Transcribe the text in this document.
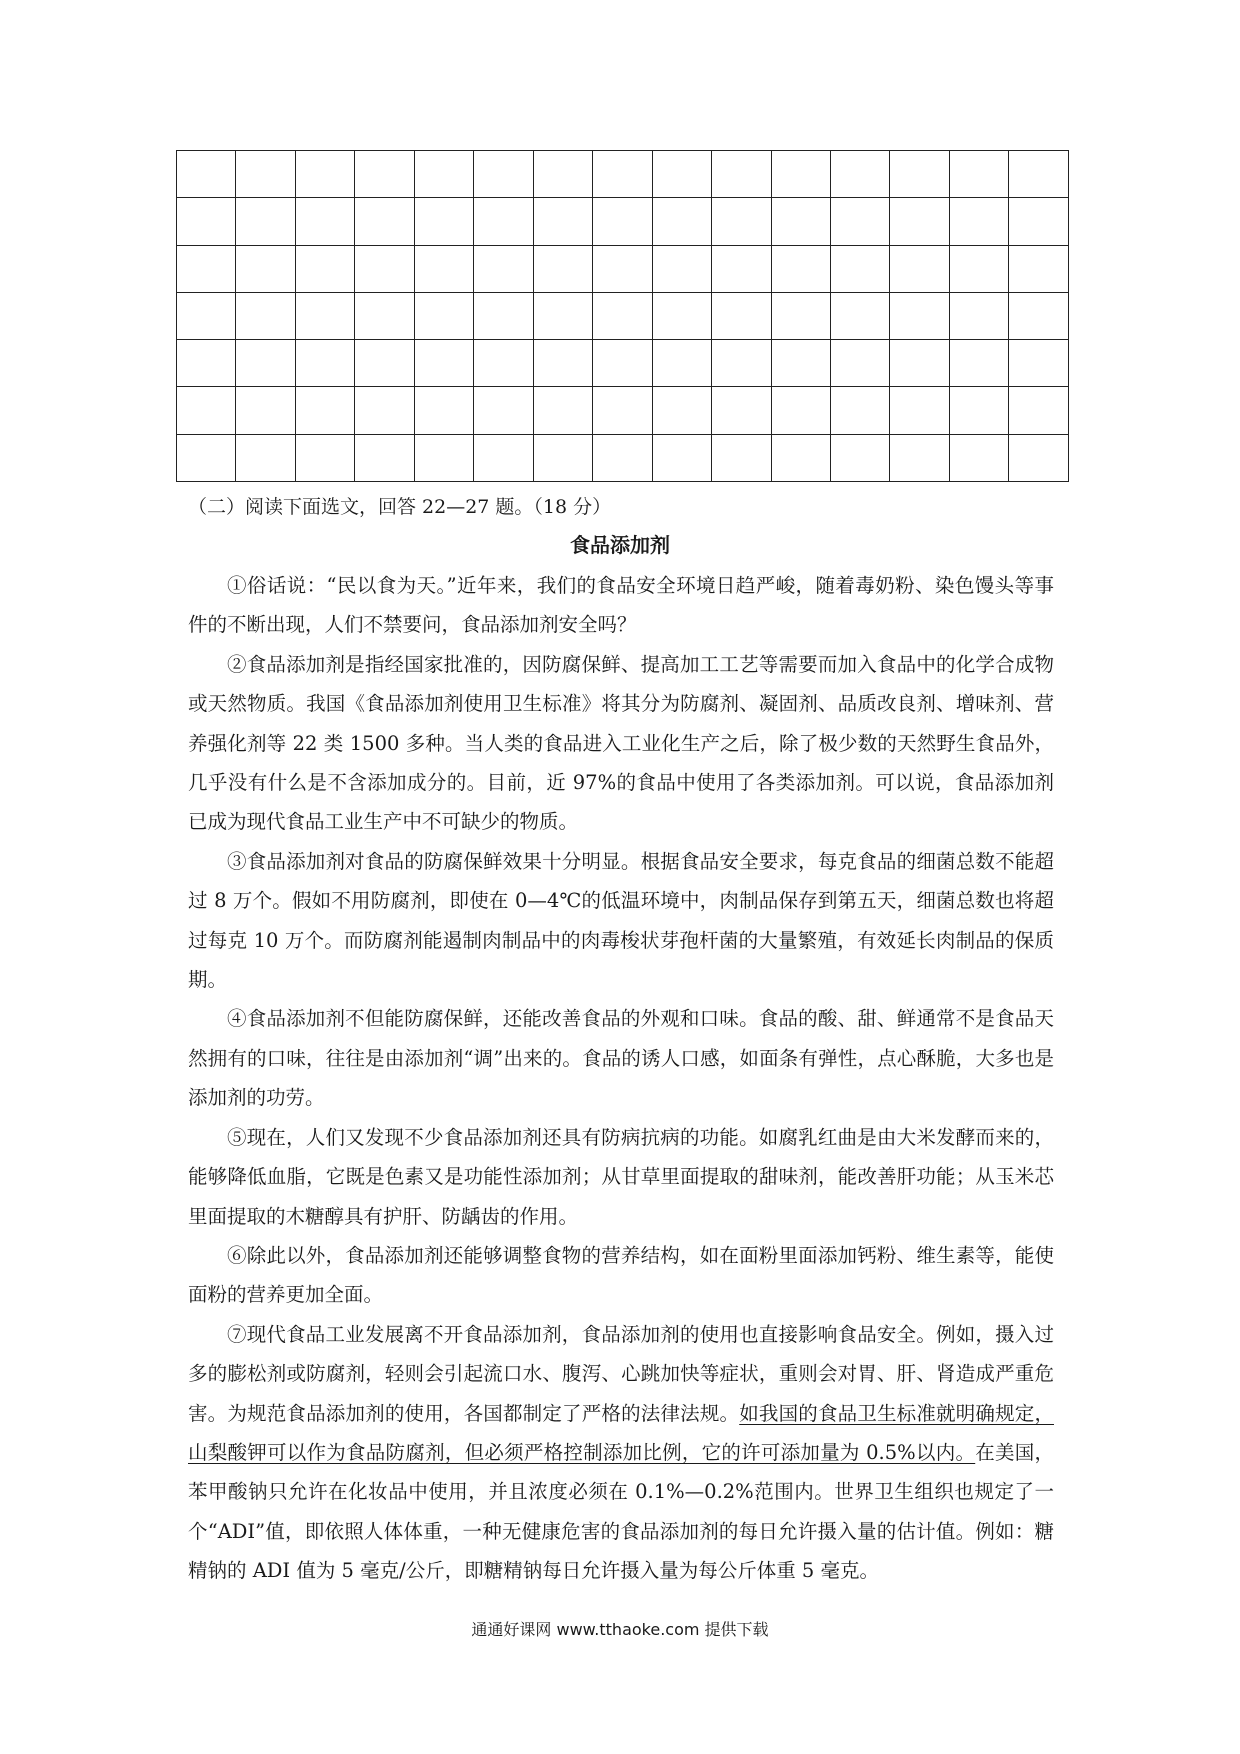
（二）阅读下面选文，回答 22—27 题。（18 分）
食品添加剂

①俗话说：“民以食为天。”近年来，我们的食品安全环境日趋严峻，随着毒奶粉、染色馒头等事件的不断出现，人们不禁要问，食品添加剂安全吗？

②食品添加剂是指经国家批准的，因防腐保鲜、提高加工工艺等需要而加入食品中的化学合成物或天然物质。我国《食品添加剂使用卫生标准》将其分为防腐剂、凝固剂、品质改良剂、增味剂、营养强化剂等 22 类 1500 多种。当人类的食品进入工业化生产之后，除了极少数的天然野生食品外，几乎没有什么是不含添加成分的。目前，近 97%的食品中使用了各类添加剂。可以说，食品添加剂已成为现代食品工业生产中不可缺少的物质。

③食品添加剂对食品的防腐保鲜效果十分明显。根据食品安全要求，每克食品的细菌总数不能超过 8 万个。假如不用防腐剂，即使在 0—4℃的低温环境中，肉制品保存到第五天，细菌总数也将超过每克 10 万个。而防腐剂能遏制肉制品中的肉毒梭状芽孢杆菌的大量繁殖，有效延长肉制品的保质期。

④食品添加剂不但能防腐保鲜，还能改善食品的外观和口味。食品的酸、甜、鲜通常不是食品天然拥有的口味，往往是由添加剂“调”出来的。食品的诱人口感，如面条有弹性，点心酥脆，大多也是添加剂的功劳。

⑤现在，人们又发现不少食品添加剂还具有防病抗病的功能。如腐乳红曲是由大米发酵而来的，能够降低血脂，它既是色素又是功能性添加剂；从甘草里面提取的甜味剂，能改善肝功能；从玉米芯里面提取的木糖醇具有护肝、防龋齿的作用。

⑥除此以外，食品添加剂还能够调整食物的营养结构，如在面粉里面添加钙粉、维生素等，能使面粉的营养更加全面。

⑦现代食品工业发展离不开食品添加剂，食品添加剂的使用也直接影响食品安全。例如，摄入过多的膨松剂或防腐剂，轻则会引起流口水、腹泻、心跳加快等症状，重则会对胃、肝、肾造成严重危害。为规范食品添加剂的使用，各国都制定了严格的法律法规。如我国的食品卫生标准就明确规定，山梨酸钾可以作为食品防腐剂，但必须严格控制添加比例，它的许可添加量为 0.5%以内。在美国，苯甲酸钠只允许在化妆品中使用，并且浓度必须在 0.1%—0.2%范围内。世界卫生组织也规定了一个“ADI”值，即依照人体体重，一种无健康危害的食品添加剂的每日允许摄入量的估计值。例如：糖精钠的 ADI 值为 5 毫克/公斤，即糖精钠每日允许摄入量为每公斤体重 5 毫克。

通通好课网 www.tthaoke.com 提供下载
